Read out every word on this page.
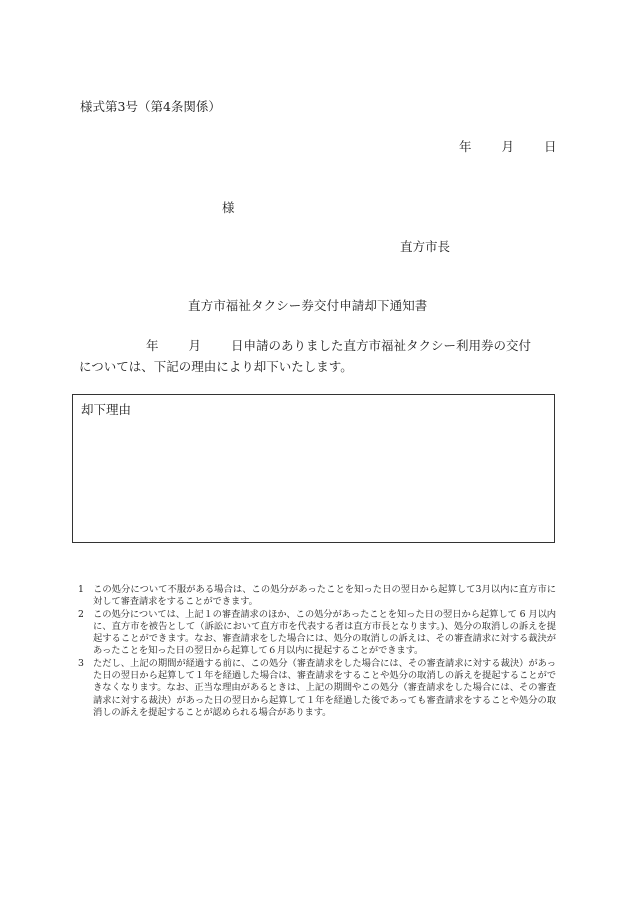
様式第3号（第4条関係）
年 月 日
様
直方市長
直方市福祉タクシー券交付申請却下通知書
年 月 日申請のありました直方市福祉タクシー利用券の交付
については、下記の理由により却下いたします。
却下理由
1 この処分について不服がある場合は、この処分があったことを知った日の翌日から起算して3月以内に直方市に対して審査請求をすることができます。
2 この処分については、上記１の審査請求のほか、この処分があったことを知った日の翌日から起算して 6 月以内に、直方市を被告として（訴訟において直方市を代表する者は直方市長となります。)、処分の取消しの訴えを提起することができます。なお、審査請求をした場合には、処分の取消しの訴えは、その審査請求に対する裁決があったことを知った日の翌日から起算して６月以内に提起することができます。
3 ただし、上記の期間が経過する前に、この処分（審査請求をした場合には、その審査請求に対する裁決）があった日の翌日から起算して１年を経過した場合は、審査請求をすることや処分の取消しの訴えを提起することができなくなります。なお、正当な理由があるときは、上記の期間やこの処分（審査請求をした場合には、その審査請求に対する裁決）があった日の翌日から起算して１年を経過した後であっても審査請求をすることや処分の取消しの訴えを提起することが認められる場合があります。
